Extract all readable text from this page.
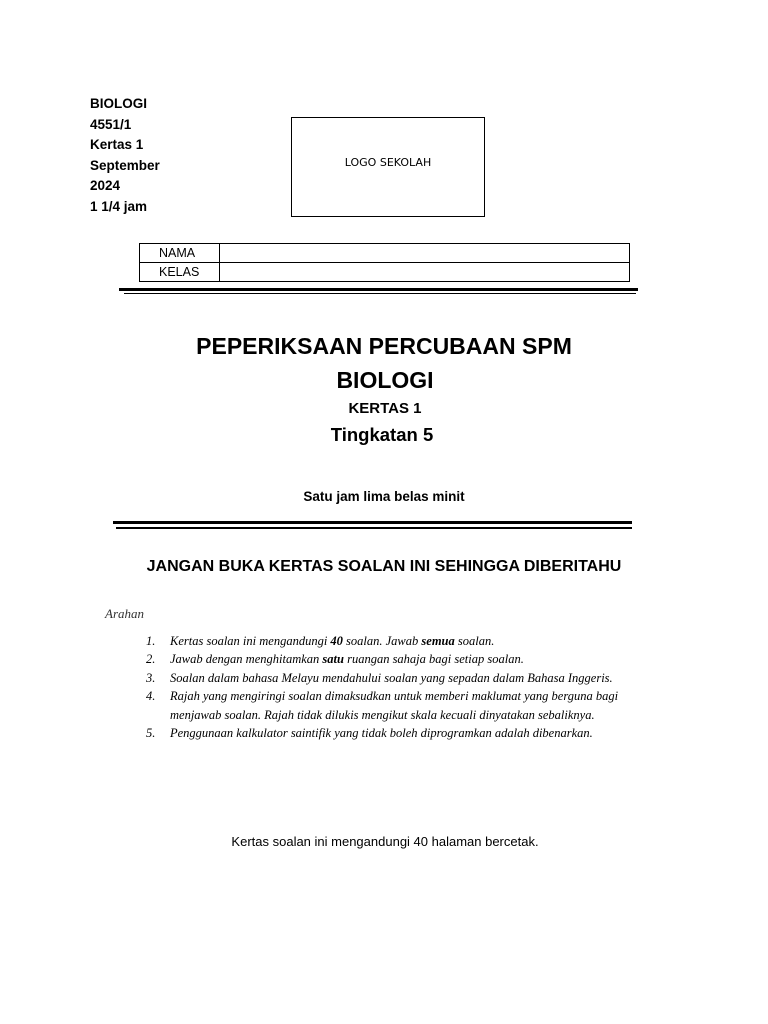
BIOLOGI
4551/1
Kertas 1
September
2024
1 1/4 jam
LOGO SEKOLAH
NAMA	
KELAS	
PEPERIKSAAN PERCUBAAN SPM
BIOLOGI
KERTAS 1
Tingkatan 5
Satu jam lima belas minit
JANGAN BUKA KERTAS SOALAN INI SEHINGGA DIBERITAHU
Arahan
1. Kertas soalan ini mengandungi 40 soalan. Jawab semua soalan.
2. Jawab dengan menghitamkan satu ruangan sahaja bagi setiap soalan.
3. Soalan dalam bahasa Melayu mendahului soalan yang sepadan dalam Bahasa Inggeris.
4. Rajah yang mengiringi soalan dimaksudkan untuk memberi maklumat yang berguna bagi menjawab soalan. Rajah tidak dilukis mengikut skala kecuali dinyatakan sebaliknya.
5. Penggunaan kalkulator saintifik yang tidak boleh diprogramkan adalah dibenarkan.
Kertas soalan ini mengandungi 40 halaman bercetak.
